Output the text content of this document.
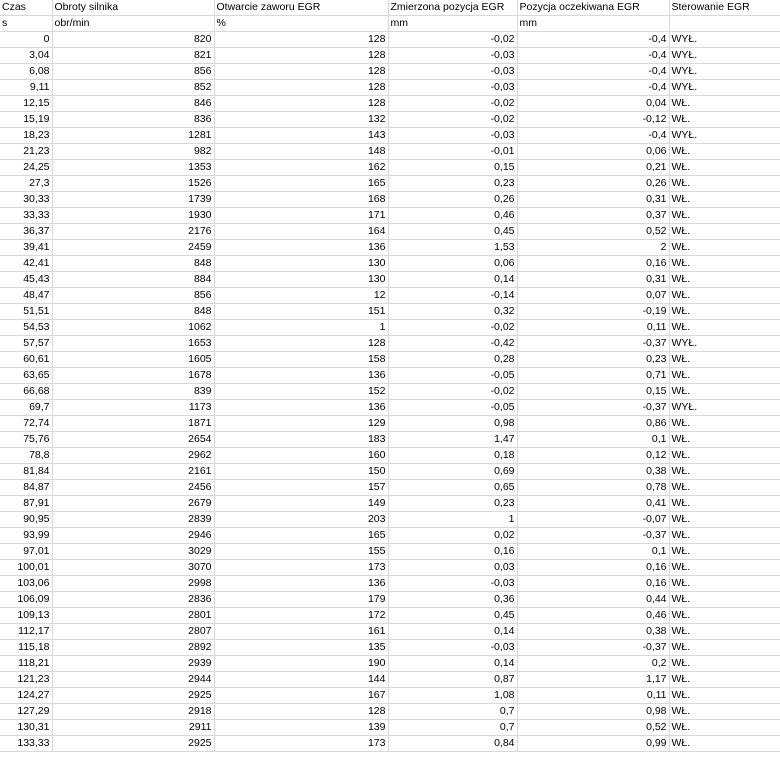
Czas	Obroty silnika	Otwarcie zaworu EGR	Zmierzona pozycja EGR	Pozycja oczekiwana EGR	Sterowanie EGR
s	obr/min	%	mm	mm	
0	820	128	-0,02	-0,4	WYŁ.
3,04	821	128	-0,03	-0,4	WYŁ.
6,08	856	128	-0,03	-0,4	WYŁ.
9,11	852	128	-0,03	-0,4	WYŁ.
12,15	846	128	-0,02	0,04	WŁ.
15,19	836	132	-0,02	-0,12	WŁ.
18,23	1281	143	-0,03	-0,4	WYŁ.
21,23	982	148	-0,01	0,06	WŁ.
24,25	1353	162	0,15	0,21	WŁ.
27,3	1526	165	0,23	0,26	WŁ.
30,33	1739	168	0,26	0,31	WŁ.
33,33	1930	171	0,46	0,37	WŁ.
36,37	2176	164	0,45	0,52	WŁ.
39,41	2459	136	1,53	2	WŁ.
42,41	848	130	0,06	0,16	WŁ.
45,43	884	130	0,14	0,31	WŁ.
48,47	856	12	-0,14	0,07	WŁ.
51,51	848	151	0,32	-0,19	WŁ.
54,53	1062	1	-0,02	0,11	WŁ.
57,57	1653	128	-0,42	-0,37	WYŁ.
60,61	1605	158	0,28	0,23	WŁ.
63,65	1678	136	-0,05	0,71	WŁ.
66,68	839	152	-0,02	0,15	WŁ.
69,7	1173	136	-0,05	-0,37	WYŁ.
72,74	1871	129	0,98	0,86	WŁ.
75,76	2654	183	1,47	0,1	WŁ.
78,8	2962	160	0,18	0,12	WŁ.
81,84	2161	150	0,69	0,38	WŁ.
84,87	2456	157	0,65	0,78	WŁ.
87,91	2679	149	0,23	0,41	WŁ.
90,95	2839	203	1	-0,07	WŁ.
93,99	2946	165	0,02	-0,37	WŁ.
97,01	3029	155	0,16	0,1	WŁ.
100,01	3070	173	0,03	0,16	WŁ.
103,06	2998	136	-0,03	0,16	WŁ.
106,09	2836	179	0,36	0,44	WŁ.
109,13	2801	172	0,45	0,46	WŁ.
112,17	2807	161	0,14	0,38	WŁ.
115,18	2892	135	-0,03	-0,37	WŁ.
118,21	2939	190	0,14	0,2	WŁ.
121,23	2944	144	0,87	1,17	WŁ.
124,27	2925	167	1,08	0,11	WŁ.
127,29	2918	128	0,7	0,98	WŁ.
130,31	2911	139	0,7	0,52	WŁ.
133,33	2925	173	0,84	0,99	WŁ.
